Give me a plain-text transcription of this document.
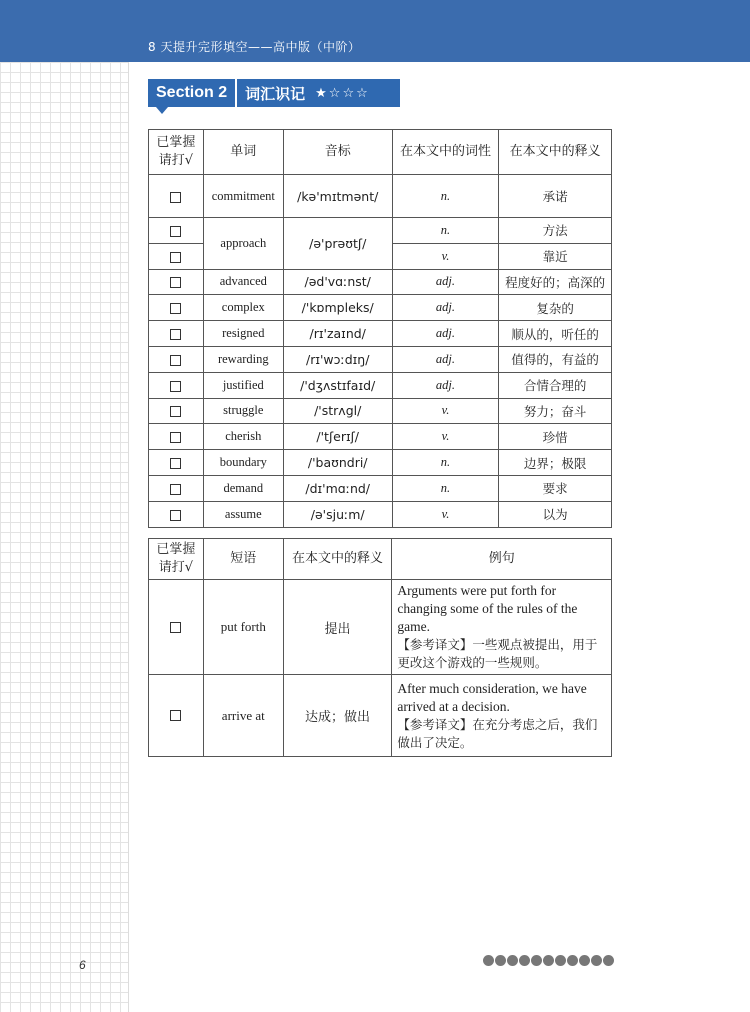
8 天提升完形填空——高中版（中阶）
Section 2	词汇识记 ★☆☆☆
已掌握
请打√	单词	音标	在本文中的词性	在本文中的释义
	commitment	/kə'mɪtmənt/	n.	承诺
	approach	/ə'prəʊtʃ/	n.	方法
			v.	靠近
	advanced	/əd'vɑːnst/	adj.	程度好的；高深的
	complex	/'kɒmpleks/	adj.	复杂的
	resigned	/rɪ'zaɪnd/	adj.	顺从的，听任的
	rewarding	/rɪ'wɔːdɪŋ/	adj.	值得的，有益的
	justified	/'dʒʌstɪfaɪd/	adj.	合情合理的
	struggle	/'strʌgl/	v.	努力；奋斗
	cherish	/'tʃerɪʃ/	v.	珍惜
	boundary	/'baʊndri/	n.	边界；极限
	demand	/dɪ'mɑːnd/	n.	要求
	assume	/ə'sjuːm/	v.	以为
已掌握
请打√	短语	在本文中的释义	例句
	put forth	提出	Arguments were put forth for changing some of the rules of the game.
【参考译文】一些观点被提出，用于更改这个游戏的一些规则。

	arrive at	达成；做出	After much consideration, we have arrived at a decision.
【参考译文】在充分考虑之后，我们做出了决定。
6
